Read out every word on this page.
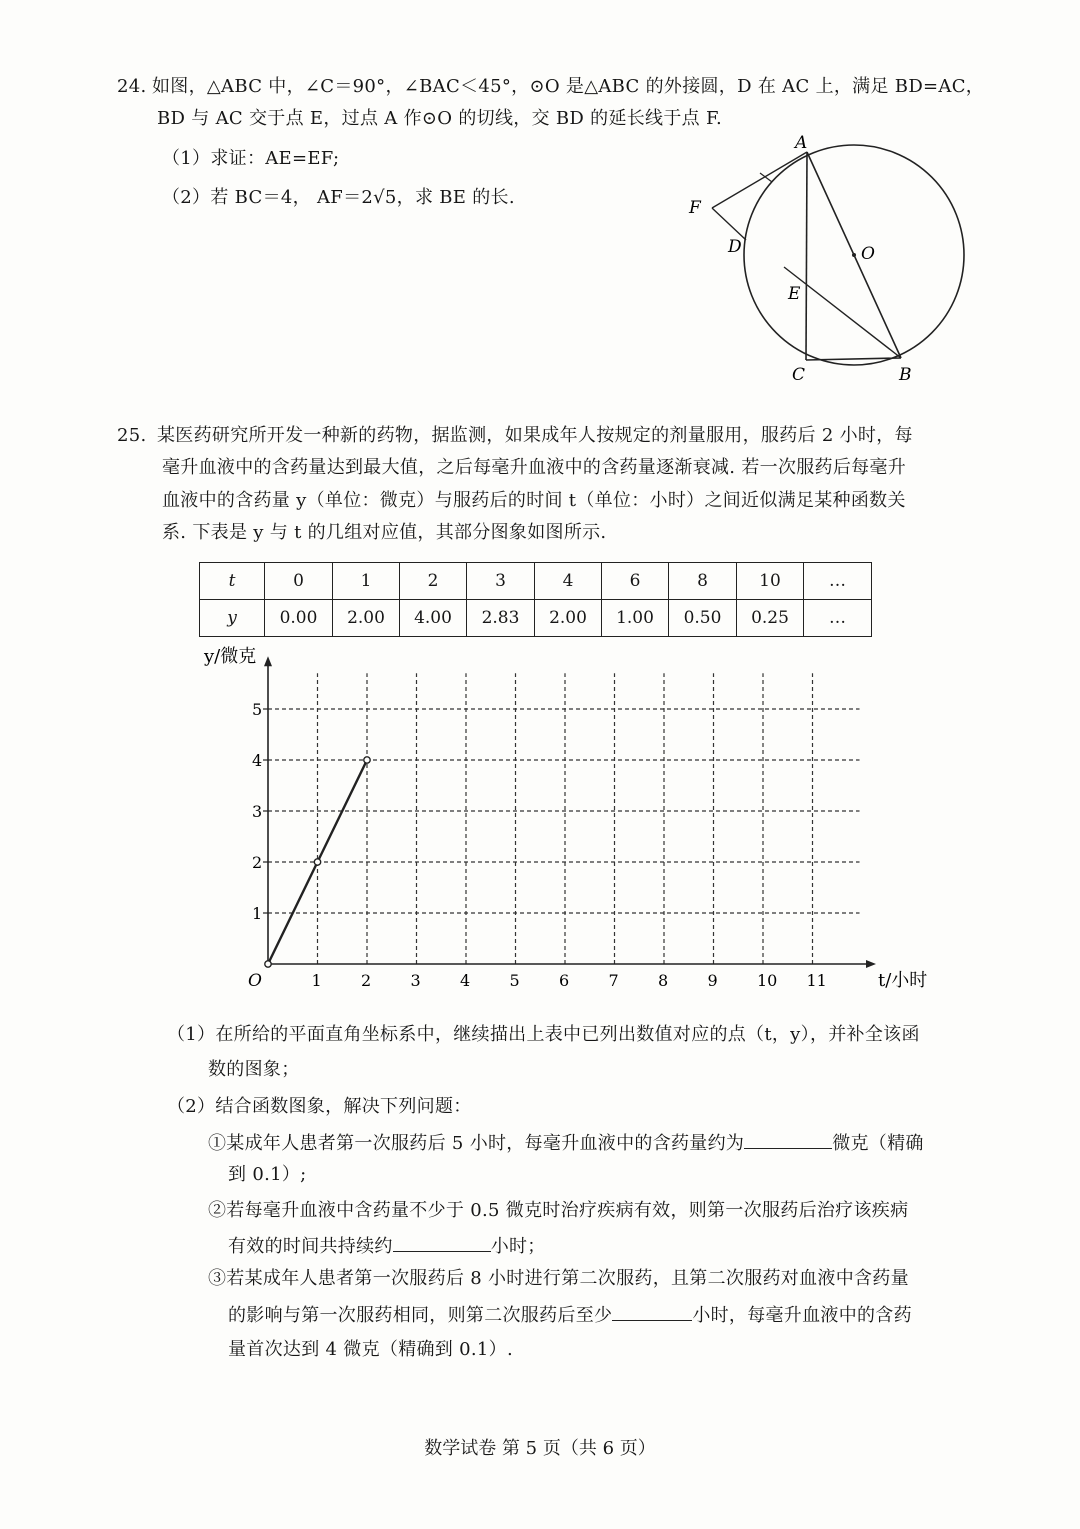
24. 如图，△ABC 中，∠C＝90°，∠BAC＜45°，⊙O 是△ABC 的外接圆，D 在 AC 上，满足 BD=AC，
BD 与 AC 交于点 E，过点 A 作⊙O 的切线，交 BD 的延长线于点 F.
（1）求证：AE=EF;
（2）若 BC＝4， AF＝2√5，求 BE 的长.
A
B
C
D
E
F
O
25. 某医药研究所开发一种新的药物，据监测，如果成年人按规定的剂量服用，服药后 2 小时，每
毫升血液中的含药量达到最大值，之后每毫升血液中的含药量逐渐衰减. 若一次服药后每毫升
血液中的含药量 y（单位：微克）与服药后的时间 t（单位：小时）之间近似满足某种函数关
系. 下表是 y 与 t 的几组对应值，其部分图象如图所示.
t	0	1	2	3	4	6	8	10	…
y	0.00	2.00	4.00	2.83	2.00	1.00	0.50	0.25	…
t/小时
y/微克
O	1 2 3 4 5 6 7 8 9 10 11
1
2
3
4
5
（1）在所给的平面直角坐标系中，继续描出上表中已列出数值对应的点（t，y），并补全该函
数的图象；
（2）结合函数图象，解决下列问题：
①某成年人患者第一次服药后 5 小时，每毫升血液中的含药量约为	微克（精确
到 0.1）;
②若每毫升血液中含药量不少于 0.5 微克时治疗疾病有效，则第一次服药后治疗该疾病
有效的时间共持续约	小时；
③若某成年人患者第一次服药后 8 小时进行第二次服药，且第二次服药对血液中含药量
的影响与第一次服药相同，则第二次服药后至少	小时，每毫升血液中的含药
量首次达到 4 微克（精确到 0.1）.
数学试卷 第 5 页（共 6 页）
